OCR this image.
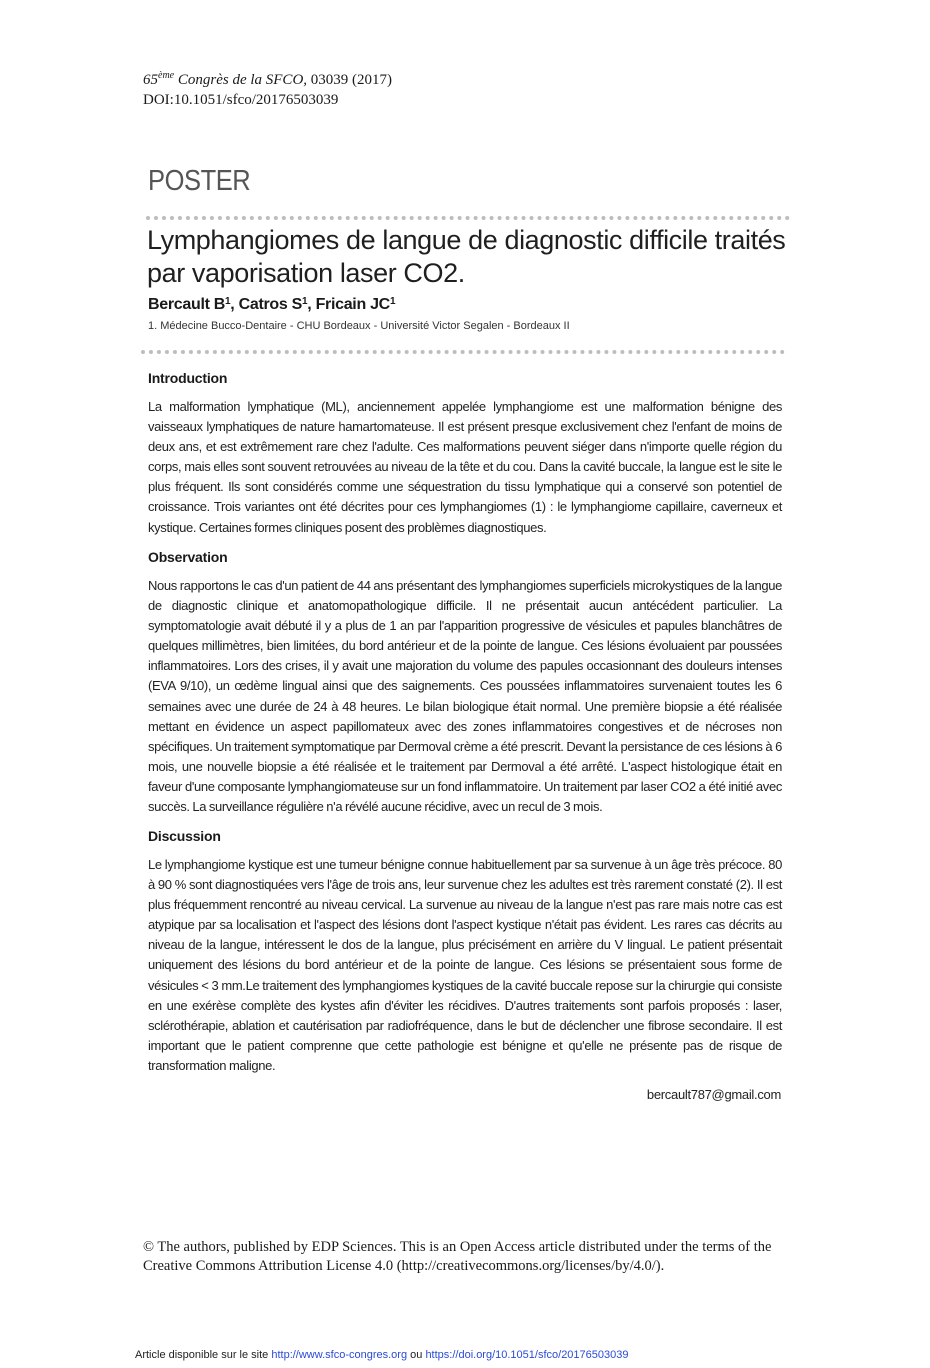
65ème Congrès de la SFCO, 03039 (2017)
DOI:10.1051/sfco/20176503039
POSTER
Lymphangiomes de langue de diagnostic difficile traités par vaporisation laser CO2.
Bercault $B^1$, Catros $S^1$, Fricain $JC^1$
1. Médecine Bucco-Dentaire - CHU Bordeaux - Université Victor Segalen - Bordeaux II
Introduction

La malformation lymphatique (ML), anciennement appelée lymphangiome est une malformation bénigne des vaisseaux lymphatiques de nature hamartomateuse. Il est présent presque exclusivement chez l'enfant de moins de deux ans, et est extrêmement rare chez l'adulte. Ces malformations peuvent siéger dans n'importe quelle région du corps, mais elles sont souvent retrouvées au niveau de la tête et du cou. Dans la cavité buccale, la langue est le site le plus fréquent. Ils sont considérés comme une séquestration du tissu lymphatique qui a conservé son potentiel de croissance. Trois variantes ont été décrites pour ces lymphangiomes (1) : le lymphangiome capillaire, caverneux et kystique. Certaines formes cliniques posent des problèmes diagnostiques.

Observation

Nous rapportons le cas d'un patient de 44 ans présentant des lymphangiomes superficiels microkystiques de la langue de diagnostic clinique et anatomopathologique difficile. Il ne présentait aucun antécédent particulier. La symptomatologie avait débuté il y a plus de 1 an par l'apparition progressive de vésicules et papules blanchâtres de quelques millimètres, bien limitées, du bord antérieur et de la pointe de langue. Ces lésions évoluaient par poussées inflammatoires. Lors des crises, il y avait une majoration du volume des papules occasionnant des douleurs intenses (EVA 9/10), un œdème lingual ainsi que des saignements. Ces poussées inflammatoires survenaient toutes les 6 semaines avec une durée de 24 à 48 heures. Le bilan biologique était normal. Une première biopsie a été réalisée mettant en évidence un aspect papillomateux avec des zones inflammatoires congestives et de nécroses non spécifiques. Un traitement symptomatique par Dermoval crème a été prescrit. Devant la persistance de ces lésions à 6 mois, une nouvelle biopsie a été réalisée et le traitement par Dermoval a été arrêté. L'aspect histologique était en faveur d'une composante lymphangiomateuse sur un fond inflammatoire. Un traitement par laser CO2 a été initié avec succès. La surveillance régulière n'a révélé aucune récidive, avec un recul de 3 mois.

Discussion

Le lymphangiome kystique est une tumeur bénigne connue habituellement par sa survenue à un âge très précoce. 80 à 90 % sont diagnostiquées vers l'âge de trois ans, leur survenue chez les adultes est très rarement constaté (2). Il est plus fréquemment rencontré au niveau cervical. La survenue au niveau de la langue n'est pas rare mais notre cas est atypique par sa localisation et l'aspect des lésions dont l'aspect kystique n'était pas évident. Les rares cas décrits au niveau de la langue, intéressent le dos de la langue, plus précisément en arrière du V lingual. Le patient présentait uniquement des lésions du bord antérieur et de la pointe de langue. Ces lésions se présentaient sous forme de vésicules < 3 mm.Le traitement des lymphangiomes kystiques de la cavité buccale repose sur la chirurgie qui consiste en une exérèse complète des kystes afin d'éviter les récidives. D'autres traitements sont parfois proposés : laser, sclérothérapie, ablation et cautérisation par radiofréquence, dans le but de déclencher une fibrose secondaire. Il est important que le patient comprenne que cette pathologie est bénigne et qu'elle ne présente pas de risque de transformation maligne.

bercault787@gmail.com
© The authors, published by EDP Sciences. This is an Open Access article distributed under the terms of the Creative Commons Attribution License 4.0 (http://creativecommons.org/licenses/by/4.0/).
Article disponible sur le site http://www.sfco-congres.org ou https://doi.org/10.1051/sfco/20176503039
